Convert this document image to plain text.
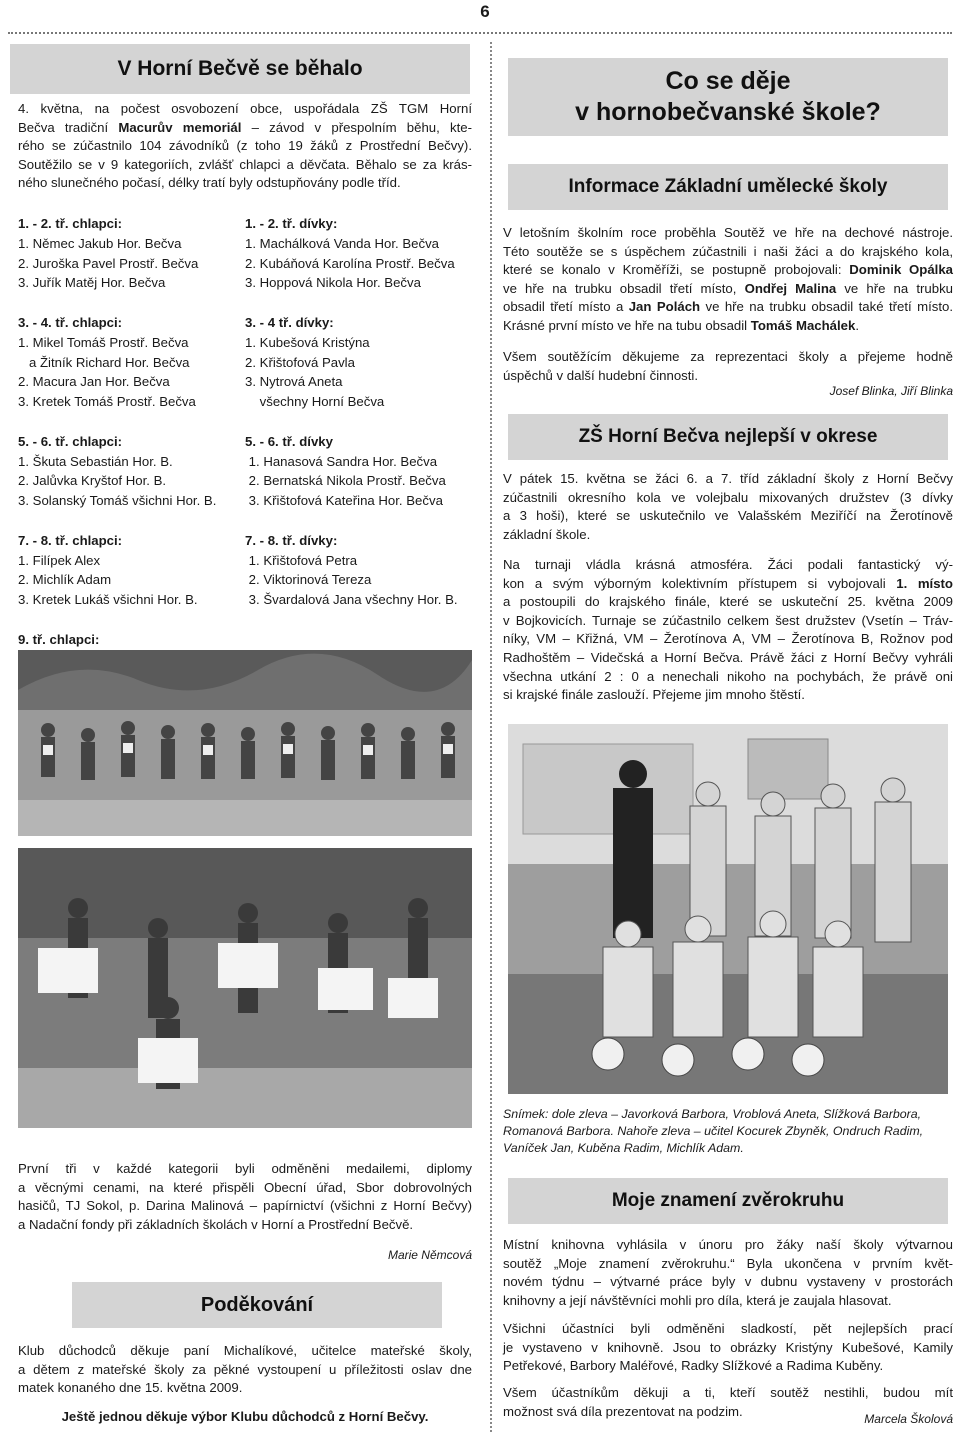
6
V Horní Bečvě se běhalo
4. května, na počest osvobození obce, uspořádala ZŠ TGM Horní
Bečva tradiční Macurův memoriál – závod v přespolním běhu, kte-
rého se zúčastnilo 104 závodníků (z toho 19 žáků z Prostřední Bečvy).
Soutěžilo se v 9 kategoriích, zvlášť chlapci a děvčata. Běhalo se za krás-
ného slunečného počasí, délky tratí byly odstupňovány podle tříd.
1. - 2. tř. chlapci:
1. Němec Jakub Hor. Bečva
2. Juroška Pavel Prostř. Bečva
3. Juřík Matěj Hor. Bečva

3. - 4. tř. chlapci:
1. Mikel Tomáš Prostř. Bečva
a Žitník Richard Hor. Bečva
2. Macura Jan Hor. Bečva
3. Kretek Tomáš Prostř. Bečva

5. - 6. tř. chlapci:
1. Škuta Sebastián Hor. B.
2. Jalůvka Kryštof Hor. B.
3. Solanský Tomáš všichni Hor. B.

7. - 8. tř. chlapci:
1. Filípek Alex
2. Michlík Adam
3. Kretek Lukáš všichni Hor. B.

9. tř. chlapci:
1. - 2. tř. dívky:
1. Machálková Vanda Hor. Bečva
2. Kubáňová Karolína Prostř. Bečva
3. Hoppová Nikola Hor. Bečva

3. - 4 tř. dívky:
1. Kubešová Kristýna
2. Křištofová Pavla
3. Nytrová Aneta
všechny Horní Bečva

5. - 6. tř. dívky
1. Hanasová Sandra Hor. Bečva
2. Bernatská Nikola Prostř. Bečva
3. Křištofová Kateřina Hor. Bečva

7. - 8. tř. dívky:
1. Křištofová Petra
2. Viktorinová Tereza
3. Švardalová Jana všechny Hor. B.
První tři v každé kategorii byli odměněni medailemi, diplomy
a věcnými cenami, na které přispěli Obecní úřad, Sbor dobrovolných
hasičů, TJ Sokol, p. Darina Malinová – papírnictví (všichni z Horní Bečvy)
a Nadační fondy při základních školách v Horní a Prostřední Bečvě.
Marie Němcová
Poděkování
Klub důchodců děkuje paní Michalíkové, učitelce mateřské školy,
a dětem z mateřské školy za pěkné vystoupení u příležitosti oslav dne
matek konaného dne 15. května 2009.
Ještě jednou děkuje výbor Klubu důchodců z Horní Bečvy.
Co se děje
v hornobečvanské škole?
Informace Základní umělecké školy
V letošním školním roce proběhla Soutěž ve hře na dechové nástroje.
Této soutěže se s úspěchem zúčastnili i naši žáci a do krajského kola,
které se konalo v Kroměříži, se postupně probojovali: Dominik Opálka
ve hře na trubku obsadil třetí místo, Ondřej Malina ve hře na trubku
obsadil třetí místo a Jan Polách ve hře na trubku obsadil také třetí místo.
Krásné první místo ve hře na tubu obsadil Tomáš Machálek.
Všem soutěžícím děkujeme za reprezentaci školy a přejeme hodně
úspěchů v další hudební činnosti.
Josef Blinka, Jiří Blinka
ZŠ Horní Bečva nejlepší v okrese
V pátek 15. května se žáci 6. a 7. tříd základní školy z Horní Bečvy
zúčastnili okresního kola ve volejbalu mixovaných družstev (3 dívky
a 3 hoši), které se uskutečnilo ve Valašském Meziříčí na Žerotínově
základní škole.
Na turnaji vládla krásná atmosféra. Žáci podali fantastický vý-
kon a svým výborným kolektivním přístupem si vybojovali 1. místo
a postoupili do krajského finále, které se uskuteční 25. května 2009
v Bojkovicích. Turnaje se zúčastnilo celkem šest družstev (Vsetín – Tráv-
níky, VM – Křižná, VM – Žerotínova A, VM – Žerotínova B, Rožnov pod
Radhoštěm – Videčská a Horní Bečva. Právě žáci z Horní Bečvy vyhráli
všechna utkání 2 : 0 a nenechali nikoho na pochybách, že právě oni
si krajské finále zaslouží. Přejeme jim mnoho štěstí.
Snímek: dole zleva – Javorková Barbora, Vroblová Aneta, Slížková Barbora,
Romanová Barbora. Nahoře zleva – učitel Kocurek Zbyněk, Ondruch Radim,
Vaníček Jan, Kuběna Radim, Michlík Adam.
Moje znamení zvěrokruhu
Místní knihovna vyhlásila v únoru pro žáky naší školy výtvarnou
soutěž „Moje znamení zvěrokruhu.“ Byla ukončena v prvním květ-
novém týdnu – výtvarné práce byly v dubnu vystaveny v prostorách
knihovny a její návštěvníci mohli pro díla, která je zaujala hlasovat.
Všichni účastníci byli odměněni sladkostí, pět nejlepších prací
je vystaveno v knihovně. Jsou to obrázky Kristýny Kubešové, Kamily
Petřekové, Barbory Maléřové, Radky Slížkové a Radima Kuběny.
Všem účastníkům děkuji a ti, kteří soutěž nestihli, budou mít
možnost svá díla prezentovat na podzim.
Marcela Školová
